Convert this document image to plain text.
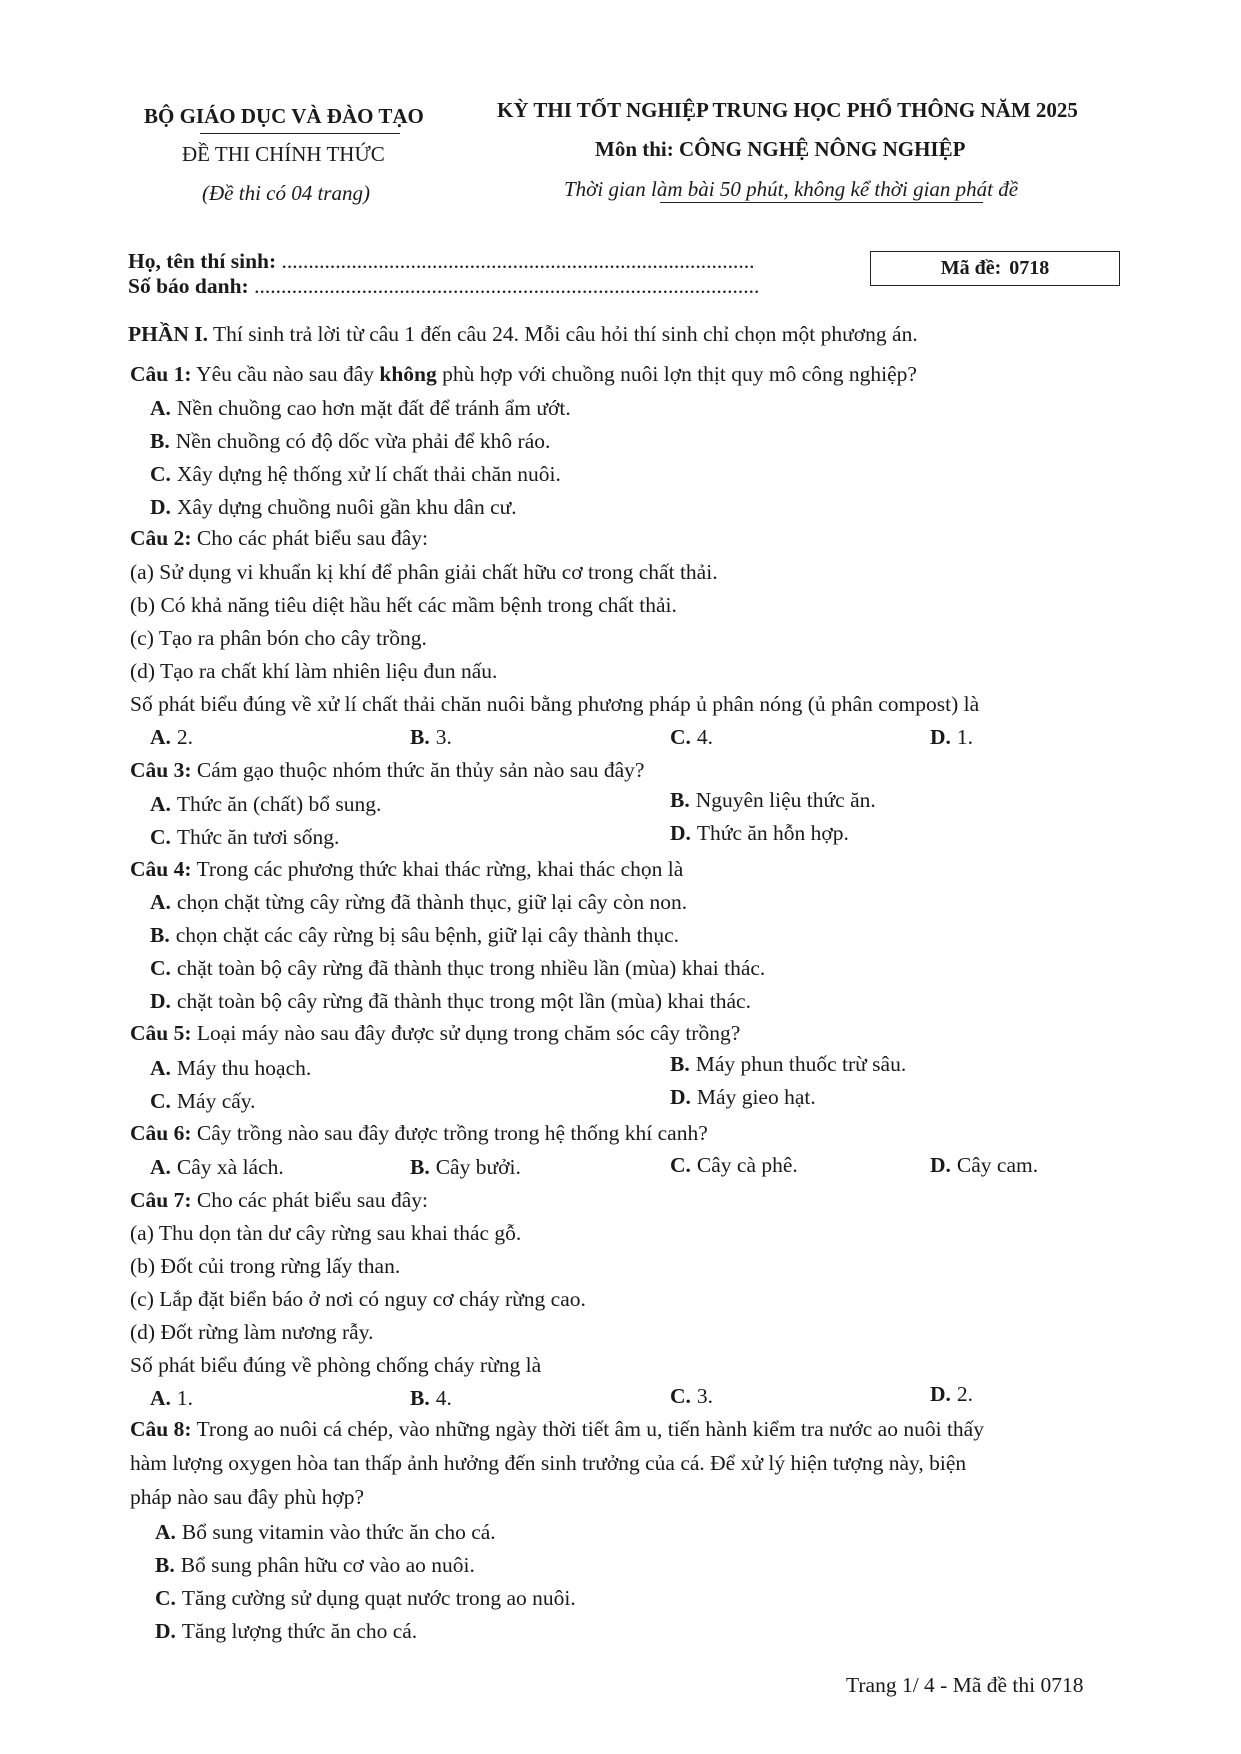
BỘ GIÁO DỤC VÀ ĐÀO TẠO
ĐỀ THI CHÍNH THỨC
(Đề thi có 04 trang)
KỲ THI TỐT NGHIỆP TRUNG HỌC PHỔ THÔNG NĂM 2025
Môn thi: CÔNG NGHỆ NÔNG NGHIỆP
Thời gian làm bài 50 phút, không kể thời gian phát đề
Họ, tên thí sinh: ........................................................................................
Số báo danh: ..............................................................................................
Mã đề: 0718
PHẦN I. Thí sinh trả lời từ câu 1 đến câu 24. Mỗi câu hỏi thí sinh chỉ chọn một phương án.
Câu 1: Yêu cầu nào sau đây không phù hợp với chuồng nuôi lợn thịt quy mô công nghiệp?
A. Nền chuồng cao hơn mặt đất để tránh ẩm ướt.
B. Nền chuồng có độ dốc vừa phải để khô ráo.
C. Xây dựng hệ thống xử lí chất thải chăn nuôi.
D. Xây dựng chuồng nuôi gần khu dân cư.
Câu 2: Cho các phát biểu sau đây:
(a) Sử dụng vi khuẩn kị khí để phân giải chất hữu cơ trong chất thải.
(b) Có khả năng tiêu diệt hầu hết các mầm bệnh trong chất thải.
(c) Tạo ra phân bón cho cây trồng.
(d) Tạo ra chất khí làm nhiên liệu đun nấu.
Số phát biểu đúng về xử lí chất thải chăn nuôi bằng phương pháp ủ phân nóng (ủ phân compost) là
A. 2.	B. 3.	C. 4.	D. 1.
Câu 3: Cám gạo thuộc nhóm thức ăn thủy sản nào sau đây?
A. Thức ăn (chất) bổ sung.	B. Nguyên liệu thức ăn.
C. Thức ăn tươi sống.	D. Thức ăn hỗn hợp.
Câu 4: Trong các phương thức khai thác rừng, khai thác chọn là
A. chọn chặt từng cây rừng đã thành thục, giữ lại cây còn non.
B. chọn chặt các cây rừng bị sâu bệnh, giữ lại cây thành thục.
C. chặt toàn bộ cây rừng đã thành thục trong nhiều lần (mùa) khai thác.
D. chặt toàn bộ cây rừng đã thành thục trong một lần (mùa) khai thác.
Câu 5: Loại máy nào sau đây được sử dụng trong chăm sóc cây trồng?
A. Máy thu hoạch.	B. Máy phun thuốc trừ sâu.
C. Máy cấy.	D. Máy gieo hạt.
Câu 6: Cây trồng nào sau đây được trồng trong hệ thống khí canh?
A. Cây xà lách.	B. Cây bưởi.	C. Cây cà phê.	D. Cây cam.
Câu 7: Cho các phát biểu sau đây:
(a) Thu dọn tàn dư cây rừng sau khai thác gỗ.
(b) Đốt củi trong rừng lấy than.
(c) Lắp đặt biển báo ở nơi có nguy cơ cháy rừng cao.
(d) Đốt rừng làm nương rẫy.
Số phát biểu đúng về phòng chống cháy rừng là
A. 1.	B. 4.	C. 3.	D. 2.
Câu 8: Trong ao nuôi cá chép, vào những ngày thời tiết âm u, tiến hành kiểm tra nước ao nuôi thấy
hàm lượng oxygen hòa tan thấp ảnh hưởng đến sinh trưởng của cá. Để xử lý hiện tượng này, biện
pháp nào sau đây phù hợp?
A. Bổ sung vitamin vào thức ăn cho cá.
B. Bổ sung phân hữu cơ vào ao nuôi.
C. Tăng cường sử dụng quạt nước trong ao nuôi.
D. Tăng lượng thức ăn cho cá.
Trang 1/ 4 - Mã đề thi 0718
